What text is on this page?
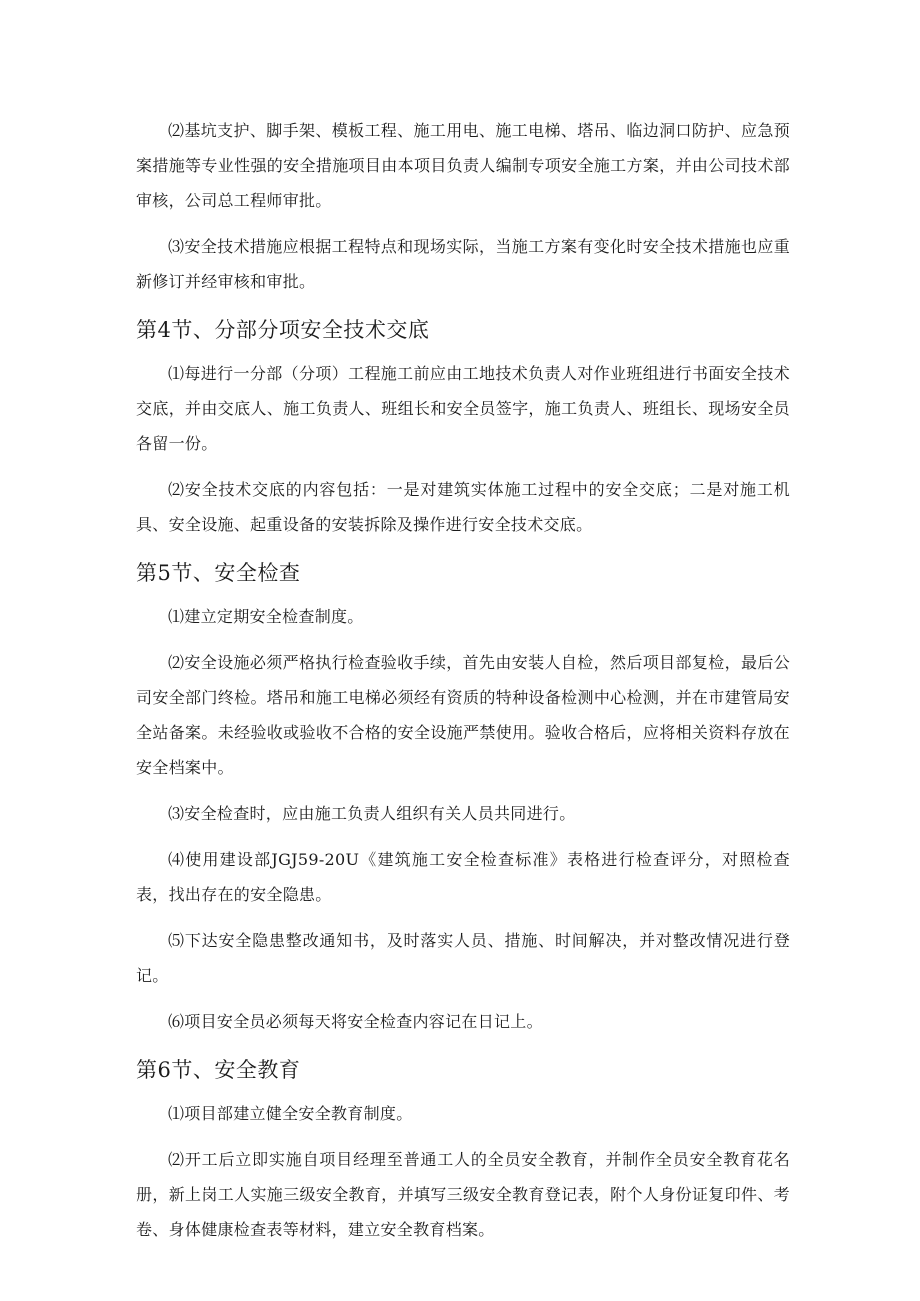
⑵基坑支护、脚手架、模板工程、施工用电、施工电梯、塔吊、临边洞口防护、应急预案措施等专业性强的安全措施项目由本项目负责人编制专项安全施工方案，并由公司技术部审核，公司总工程师审批。

⑶安全技术措施应根据工程特点和现场实际，当施工方案有变化时安全技术措施也应重新修订并经审核和审批。

第4节、分部分项安全技术交底

⑴每进行一分部（分项）工程施工前应由工地技术负责人对作业班组进行书面安全技术交底，并由交底人、施工负责人、班组长和安全员签字，施工负责人、班组长、现场安全员各留一份。

⑵安全技术交底的内容包括：一是对建筑实体施工过程中的安全交底；二是对施工机具、安全设施、起重设备的安装拆除及操作进行安全技术交底。

第5节、安全检查

⑴建立定期安全检查制度。

⑵安全设施必须严格执行检查验收手续，首先由安装人自检，然后项目部复检，最后公司安全部门终检。塔吊和施工电梯必须经有资质的特种设备检测中心检测，并在市建管局安全站备案。未经验收或验收不合格的安全设施严禁使用。验收合格后，应将相关资料存放在安全档案中。

⑶安全检查时，应由施工负责人组织有关人员共同进行。

⑷使用建设部JGJ59-20U《建筑施工安全检查标准》表格进行检查评分，对照检查表，找出存在的安全隐患。

⑸下达安全隐患整改通知书，及时落实人员、措施、时间解决，并对整改情况进行登记。

⑹项目安全员必须每天将安全检查内容记在日记上。

第6节、安全教育

⑴项目部建立健全安全教育制度。

⑵开工后立即实施自项目经理至普通工人的全员安全教育，并制作全员安全教育花名册，新上岗工人实施三级安全教育，并填写三级安全教育登记表，附个人身份证复印件、考卷、身体健康检查表等材料，建立安全教育档案。
